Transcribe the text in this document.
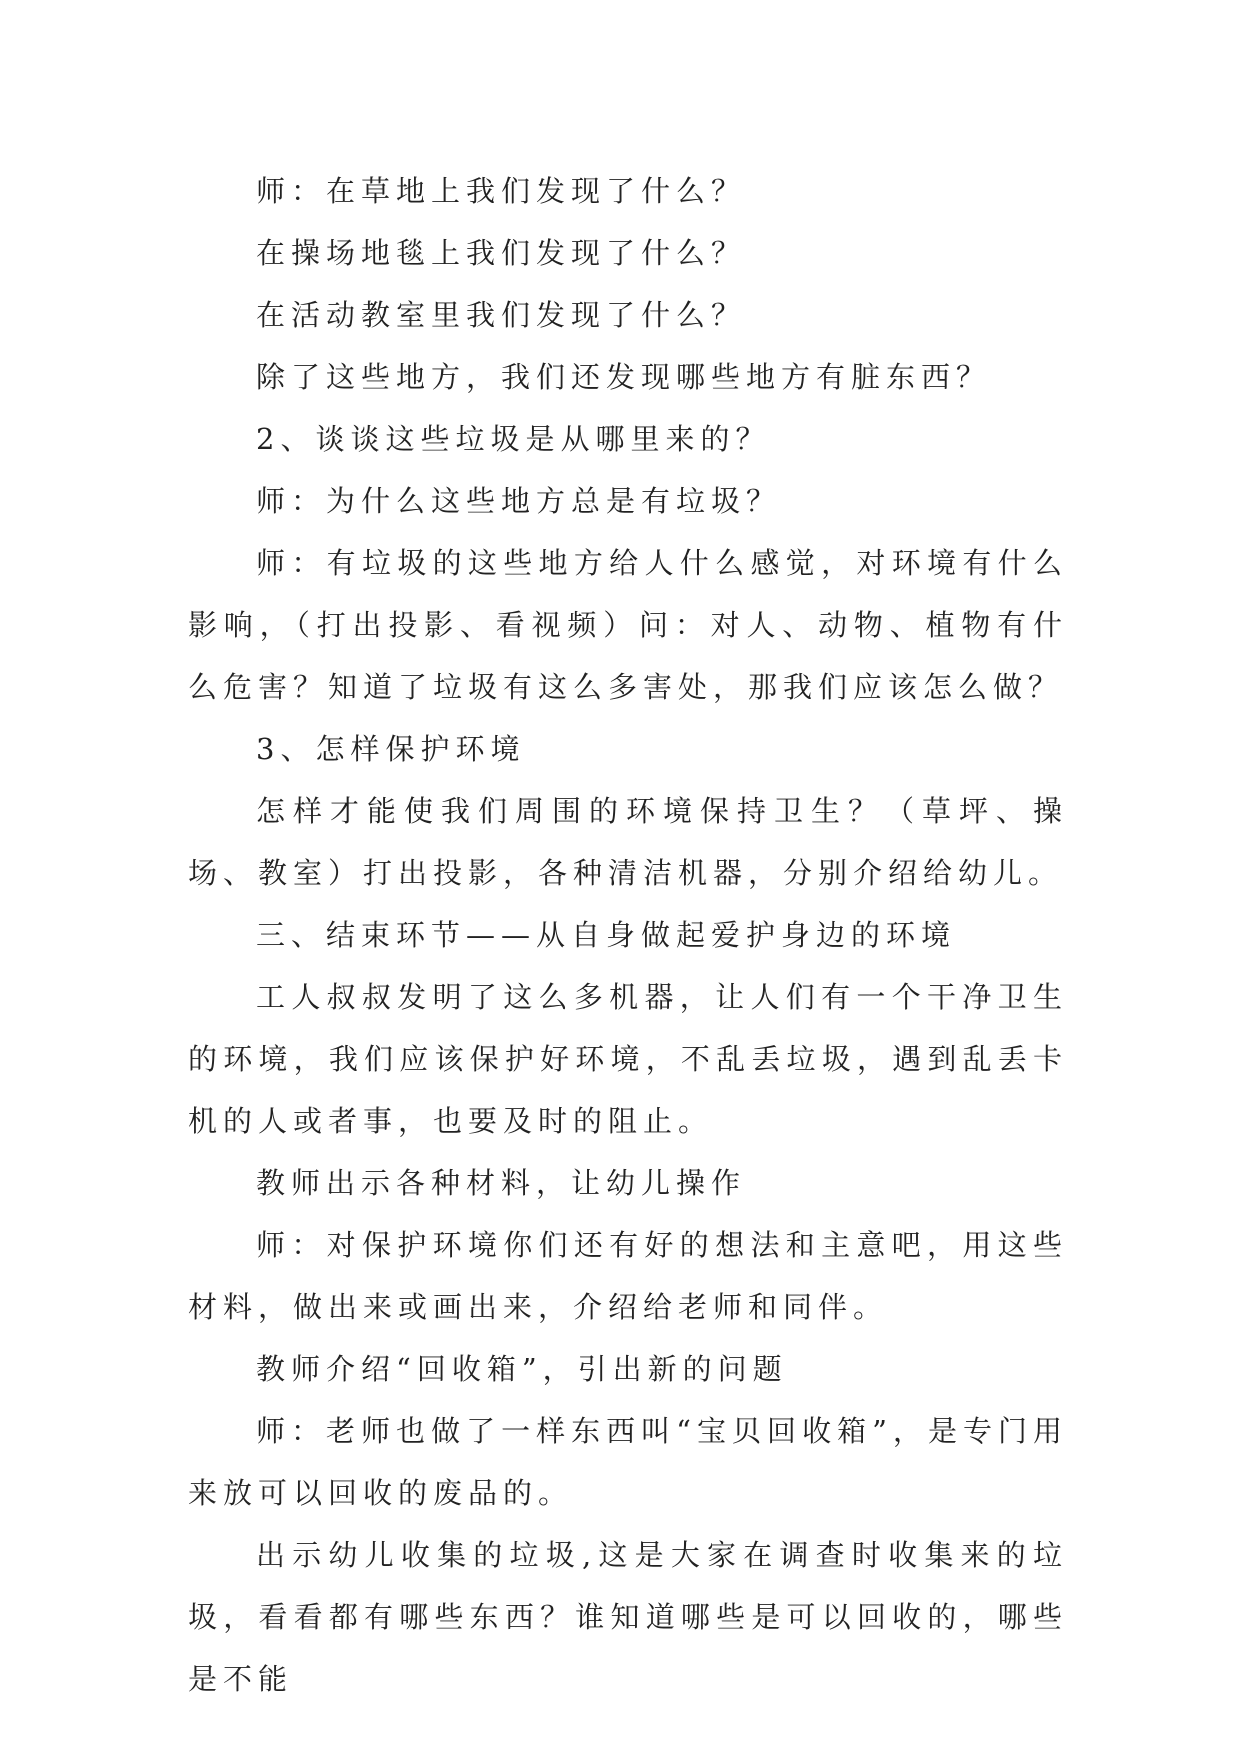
师：在草地上我们发现了什么？

在操场地毯上我们发现了什么？

在活动教室里我们发现了什么？

除了这些地方，我们还发现哪些地方有脏东西？

2、谈谈这些垃圾是从哪里来的？

师：为什么这些地方总是有垃圾？

师：有垃圾的这些地方给人什么感觉，对环境有什么影响，（打出投影、看视频）问：对人、动物、植物有什么危害？知道了垃圾有这么多害处，那我们应该怎么做？

3、怎样保护环境

怎样才能使我们周围的环境保持卫生？（草坪、操场、教室）打出投影，各种清洁机器，分别介绍给幼儿。

三、结束环节——从自身做起爱护身边的环境

工人叔叔发明了这么多机器，让人们有一个干净卫生的环境，我们应该保护好环境，不乱丢垃圾，遇到乱丢卡机的人或者事，也要及时的阻止。

教师出示各种材料，让幼儿操作

师：对保护环境你们还有好的想法和主意吧，用这些材料，做出来或画出来，介绍给老师和同伴。

教师介绍“回收箱”，引出新的问题

师：老师也做了一样东西叫“宝贝回收箱”，是专门用来放可以回收的废品的。

出示幼儿收集的垃圾,这是大家在调查时收集来的垃圾，看看都有哪些东西？谁知道哪些是可以回收的，哪些是不能
